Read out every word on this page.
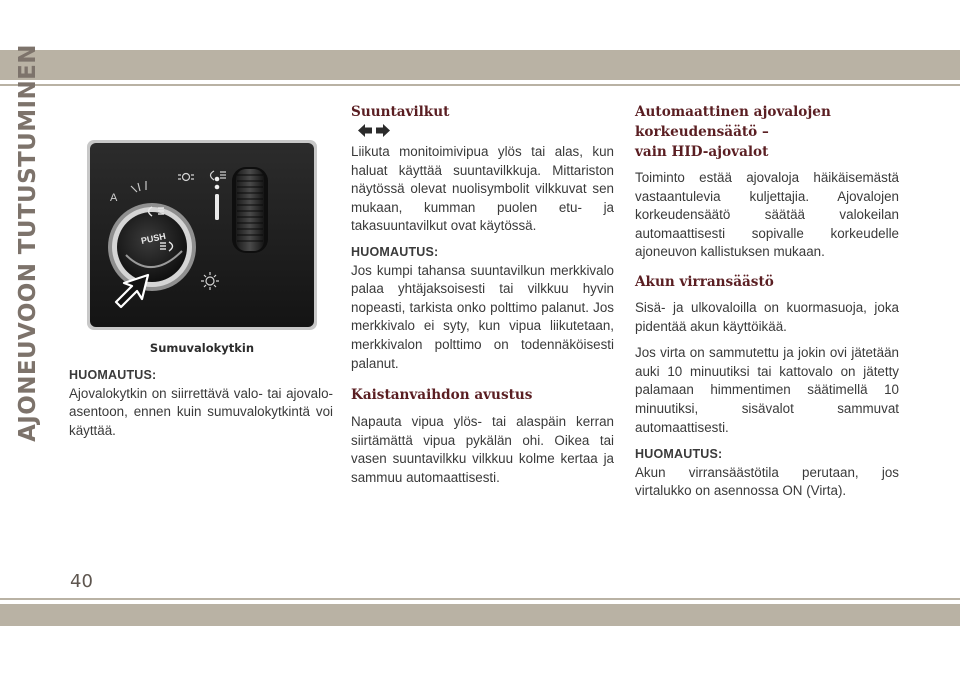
AJONEUVOON TUTUSTUMINEN	PUSH
A
Sumuvalokytkin

HUOMAUTUS:

Ajovalokytkin on siirrettävä valo- tai ajovalo-asentoon, ennen kuin sumuvalokytkintä voi käyttää.

Suuntavilkut

Liikuta monitoimivipua ylös tai alas, kun haluat käyttää suuntavilkkuja. Mittariston näytössä olevat nuolisymbolit vilkkuvat sen mukaan, kumman puolen etu- ja takasuuntavilkut ovat käytössä.

HUOMAUTUS:

Jos kumpi tahansa suuntavilkun merkkivalo palaa yhtäjaksoisesti tai vilkkuu hyvin nopeasti, tarkista onko polttimo palanut. Jos merkkivalo ei syty, kun vipua liikutetaan, merkkivalon polttimo on todennäköisesti palanut.

Kaistanvaihdon avustus

Napauta vipua ylös- tai alaspäin kerran siirtämättä vipua pykälän ohi. Oikea tai vasen suuntavilkku vilkkuu kolme kertaa ja sammuu automaattisesti.

Automaattinen ajovalojen korkeudensäätö –
vain HID-ajovalot

Toiminto estää ajovaloja häikäisemästä vastaantulevia kuljettajia. Ajovalojen korkeudensäätö säätää valokeilan automaattisesti sopivalle korkeudelle ajoneuvon kallistuksen mukaan.

Akun virransäästö

Sisä- ja ulkovaloilla on kuormasuoja, joka pidentää akun käyttöikää.

Jos virta on sammutettu ja jokin ovi jätetään auki 10 minuutiksi tai kattovalo on jätetty palamaan himmentimen säätimellä 10 minuutiksi, sisävalot sammuvat automaattisesti.

HUOMAUTUS:

Akun virransäästötila perutaan, jos virtalukko on asennossa ON (Virta).

40
